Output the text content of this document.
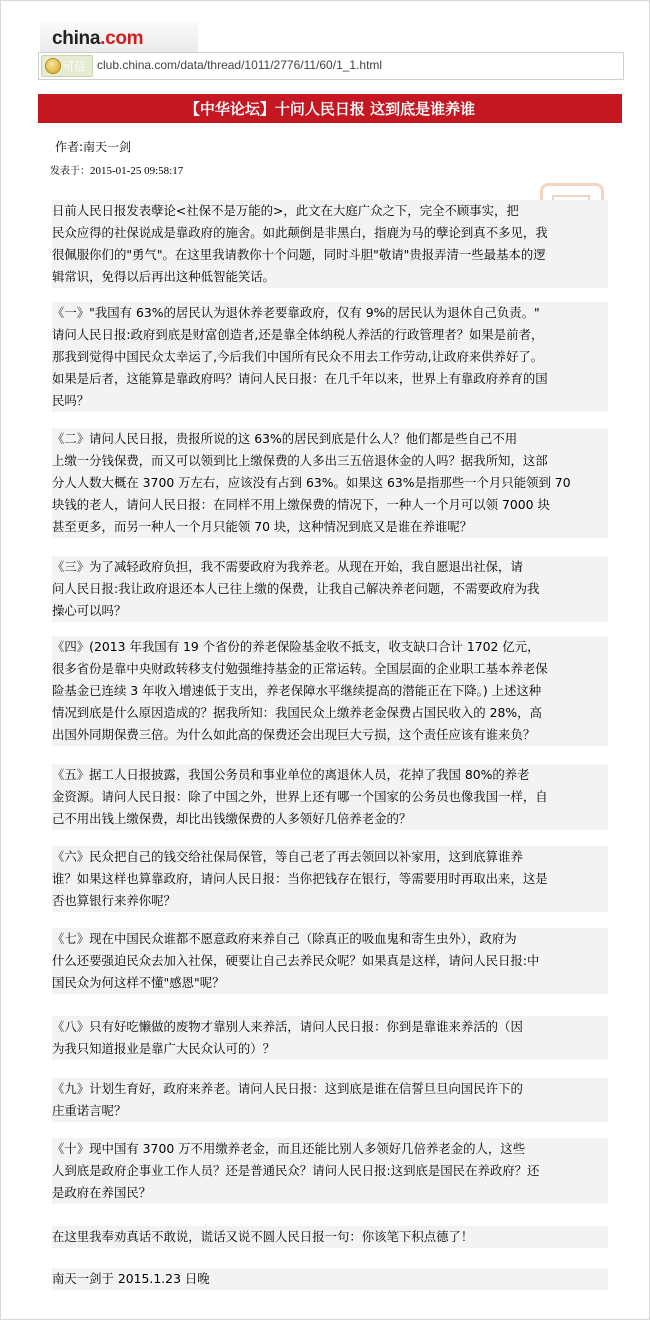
china.com
可信 club.china.com/data/thread/1011/2776/11/60/1_1.html
【中华论坛】十问人民日报 这到底是谁养谁
作者:南天一剑
发表于：2015-01-25 09:58:17
日前人民日报发表孽论<社保不是万能的>，此文在大庭广众之下，完全不顾事实，把
民众应得的社保说成是靠政府的施舍。如此颠倒是非黑白，指鹿为马的孽论到真不多见，我
很佩服你们的"勇气"。在这里我请教你十个问题，同时斗胆"敬请"贵报弄清一些最基本的逻
辑常识，免得以后再出这种低智能笑话。
《一》"我国有 63%的居民认为退休养老要靠政府，仅有 9%的居民认为退休自己负责。"
请问人民日报:政府到底是财富创造者,还是靠全体纳税人养活的行政管理者？如果是前者，
那我到觉得中国民众太幸运了,今后我们中国所有民众不用去工作劳动,让政府来供养好了。
如果是后者，这能算是靠政府吗？请问人民日报：在几千年以来，世界上有靠政府养育的国
民吗？
《二》请问人民日报，贵报所说的这 63%的居民到底是什么人？他们都是些自己不用
上缴一分钱保费，而又可以领到比上缴保费的人多出三五倍退休金的人吗？据我所知，这部
分人人数大概在 3700 万左右，应该没有占到 63%。如果这 63%是指那些一个月只能领到 70
块钱的老人，请问人民日报：在同样不用上缴保费的情况下，一种人一个月可以领 7000 块
甚至更多，而另一种人一个月只能领 70 块，这种情况到底又是谁在养谁呢？
《三》为了减轻政府负担，我不需要政府为我养老。从现在开始，我自愿退出社保，请
问人民日报:我让政府退还本人已往上缴的保费，让我自己解决养老问题，不需要政府为我
操心可以吗？
《四》(2013 年我国有 19 个省份的养老保险基金收不抵支，收支缺口合计 1702 亿元，
很多省份是靠中央财政转移支付勉强维持基金的正常运转。全国层面的企业职工基本养老保
险基金已连续 3 年收入增速低于支出，养老保障水平继续提高的潜能正在下降。) 上述这种
情况到底是什么原因造成的？据我所知：我国民众上缴养老金保费占国民收入的 28%，高
出国外同期保费三倍。为什么如此高的保费还会出现巨大亏损，这个责任应该有谁来负？
《五》据工人日报披露，我国公务员和事业单位的离退休人员，花掉了我国 80%的养老
金资源。请问人民日报：除了中国之外，世界上还有哪一个国家的公务员也像我国一样，自
己不用出钱上缴保费，却比出钱缴保费的人多领好几倍养老金的？
《六》民众把自己的钱交给社保局保管，等自己老了再去领回以补家用，这到底算谁养
谁？如果这样也算靠政府，请问人民日报：当你把钱存在银行，等需要用时再取出来，这是
否也算银行来养你呢？
《七》现在中国民众谁都不愿意政府来养自己（除真正的吸血鬼和寄生虫外），政府为
什么还要强迫民众去加入社保，硬要让自己去养民众呢？如果真是这样，请问人民日报:中
国民众为何这样不懂"感恩"呢？
《八》只有好吃懒做的废物才靠别人来养活，请问人民日报：你到是靠谁来养活的（因
为我只知道报业是靠广大民众认可的）？
《九》计划生育好，政府来养老。请问人民日报：这到底是谁在信誓旦旦向国民许下的
庄重诺言呢？
《十》现中国有 3700 万不用缴养老金，而且还能比别人多领好几倍养老金的人，这些
人到底是政府企事业工作人员？还是普通民众？请问人民日报:这到底是国民在养政府？还
是政府在养国民？
在这里我奉劝真话不敢说，谎话又说不圆人民日报一句：你该笔下积点德了！
南天一剑于 2015.1.23 日晚
